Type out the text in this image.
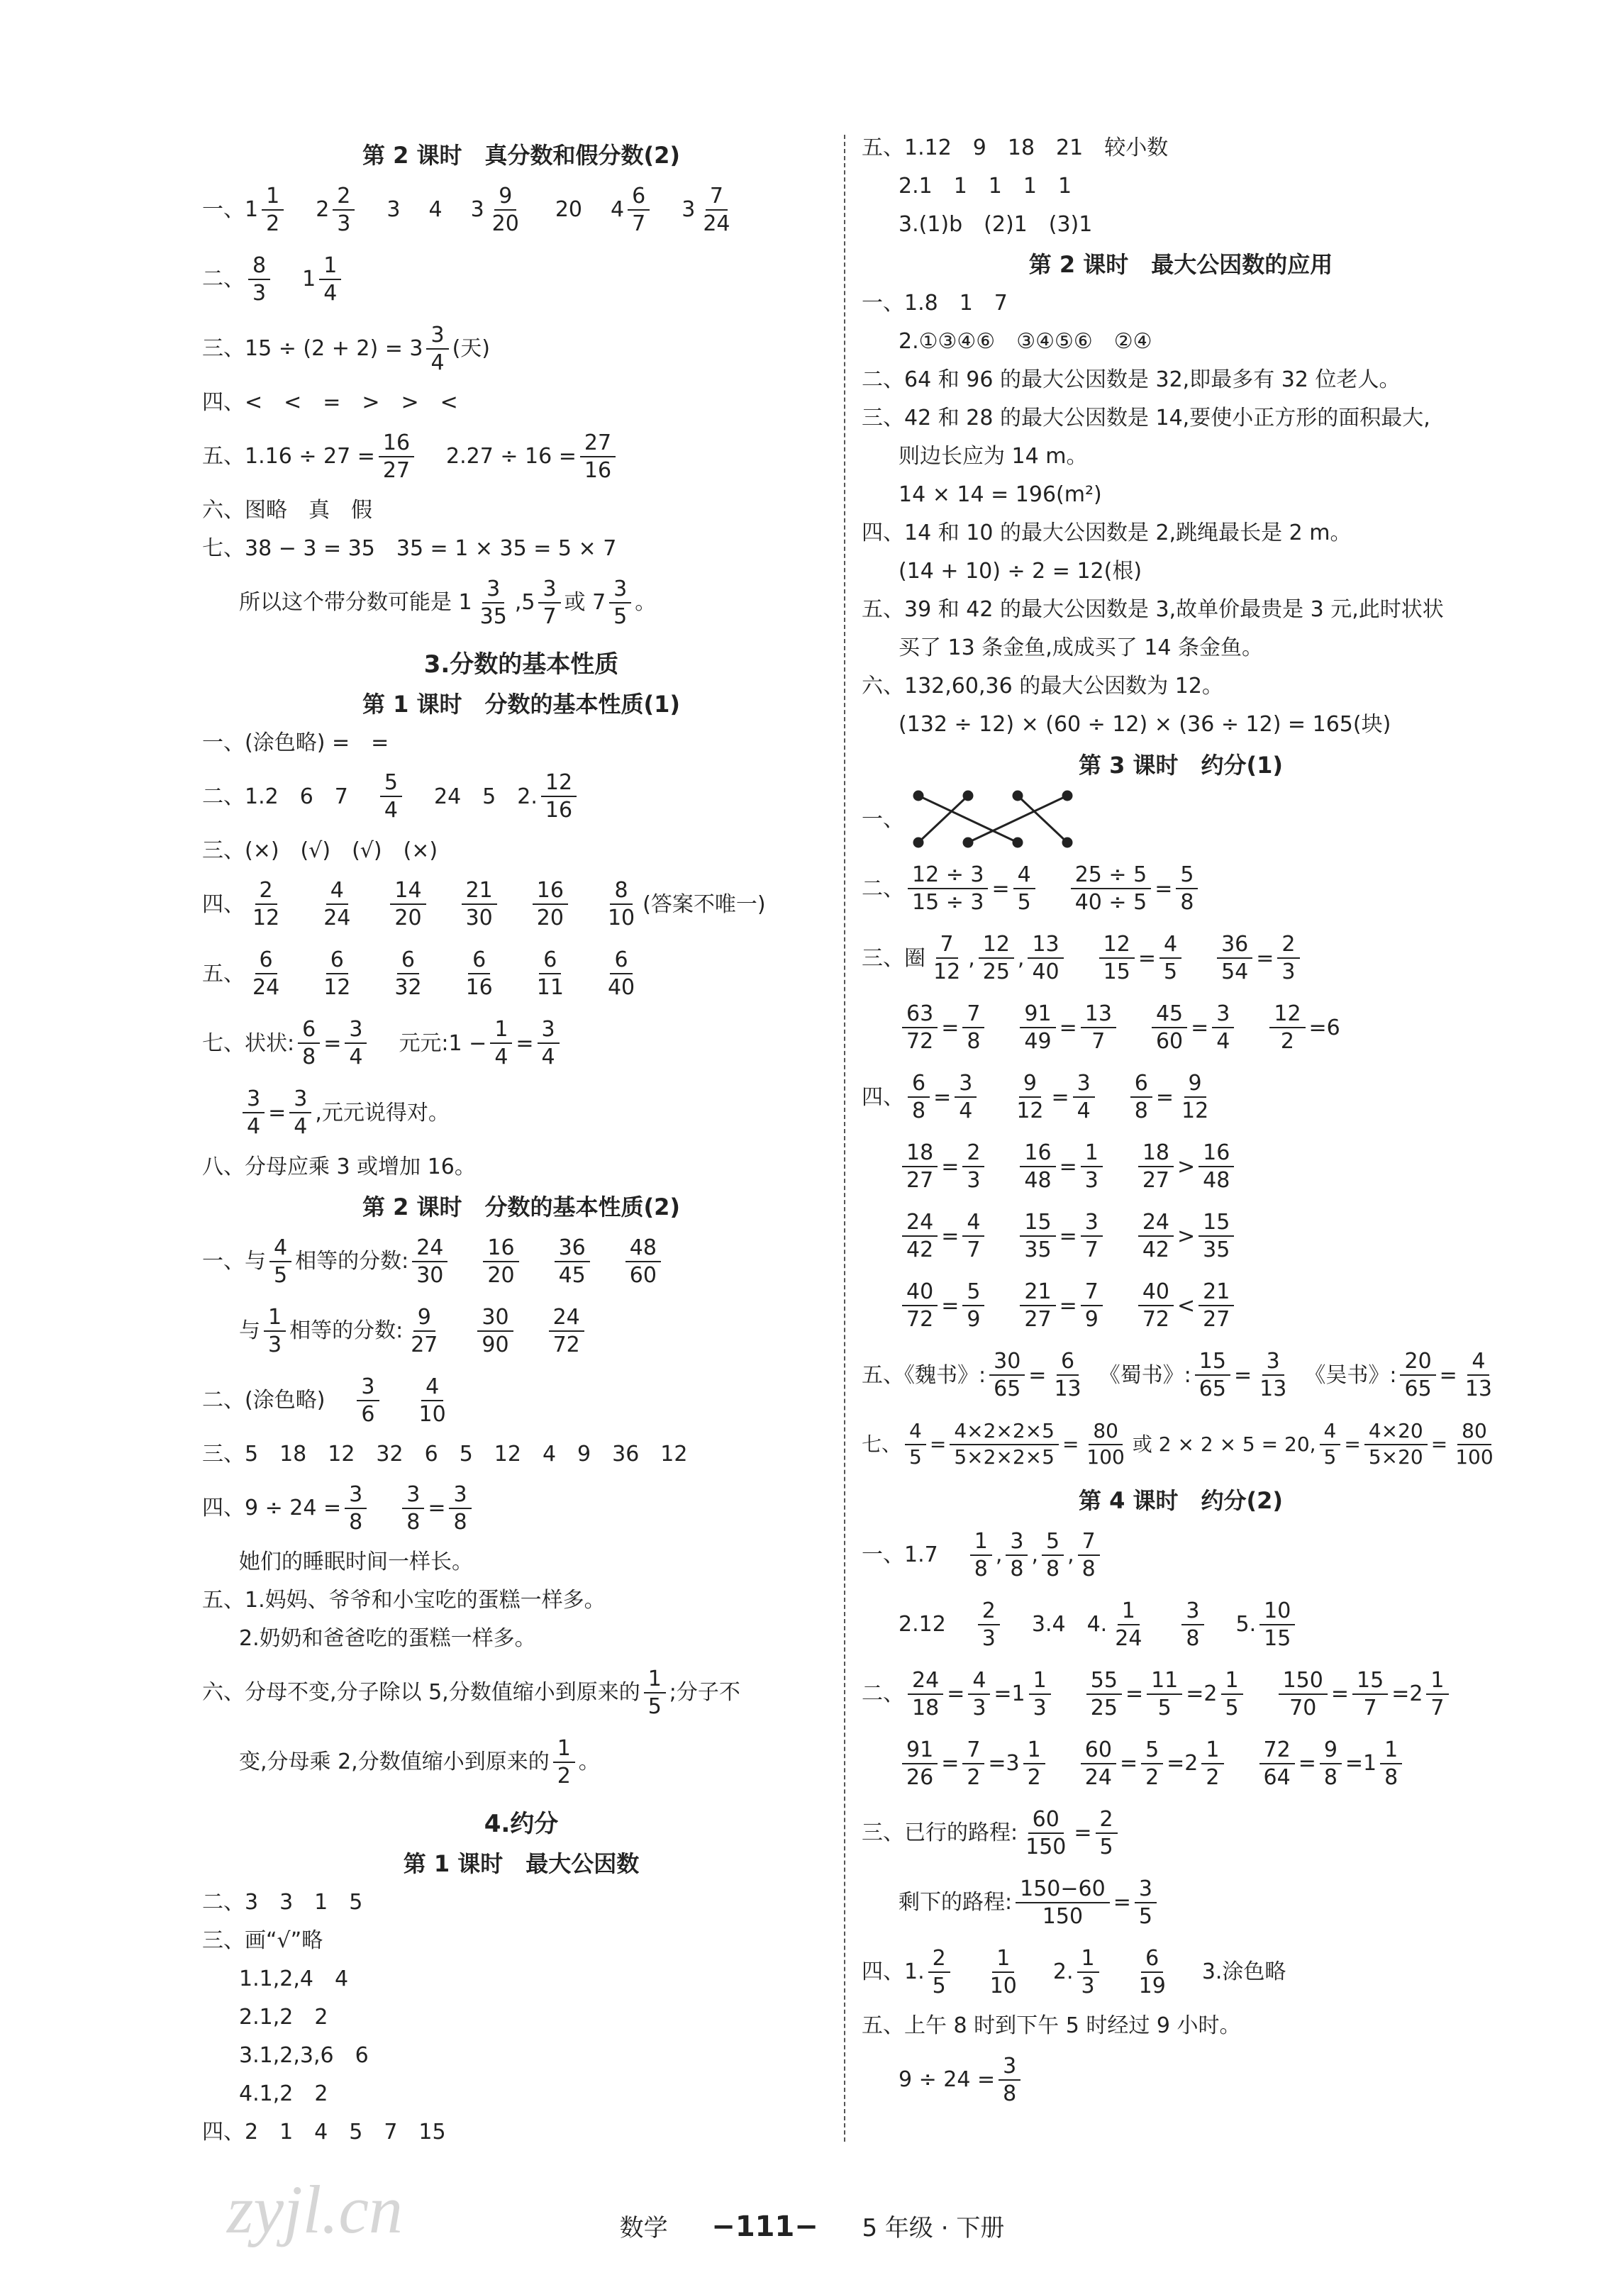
第 2 课时　真分数和假分数(2)
一、 1
1
2
2
2
3
3 4 3
9
20
20 4
6
7
3
7
24
二、
8
3
1
1
4
三、15 ÷ (2 + 2) = 3
3
4
(天)
四、<　<　=　>　>　<
五、$1.16 \div 27 = \frac{16}{27} 2.27 \div 16 = \frac{27}{16}$
六、图略　真　假
七、38 − 3 = 35　35 = 1 × 35 = 5 × 7
所以这个带分数可能是 1
3
35
,5
3
7
或 7
3
5
。
3.分数的基本性质
第 1 课时　分数的基本性质(1)
一、(涂色略) =　=
二、1.2　6　7
5
4
24　5　2.
12
16
三、(×)　(√)　(√)　(×)
四、
2
12
4
24
14
20
21
30
16
20
8
10
(答案不唯一)
五、
6
24
6
12
6
32
6
16
6
11
6
40
七、状状:
6
8
=
3
4
元元:1 − $\frac{1}{4}$ =
3
4
3
4
=
3
4
,元元说得对。
八、分母应乘 3 或增加 16。
第 2 课时　分数的基本性质(2)
一、与
4
5
相等的分数:
24
30
16
20
36
45
48
60
与
1
3
相等的分数:
9
27
30
90
24
72
二、(涂色略)
3
6
4
10
三、5　18　12　32　6　5　12　4　9　36　12
四、$9 \div 24 = \frac{3}{8} 3$
8
=
3
8
她们的睡眠时间一样长。
五、1.妈妈、爷爷和小宝吃的蛋糕一样多。
2.奶奶和爸爸吃的蛋糕一样多。
六、分母不变,分子除以 5,分数值缩小到原来的
1
5
;分子不
变,分母乘 2,分数值缩小到原来的
1
2
。
4.约分
第 1 课时　最大公因数
二、3　3　1　5
三、画“√”略
1.1,2,4　4
2.1,2　2
3.1,2,3,6　6
4.1,2　2
四、2　1　4　5　7　15
五、1.12　9　18　21　较小数
2.1　1　1　1　1
3.(1)b　(2)1　(3)1
第 2 课时　最大公因数的应用
一、1.8　1　7
2.①③④⑥　③④⑤⑥　②④
二、64 和 96 的最大公因数是 32,即最多有 32 位老人。
三、42 和 28 的最大公因数是 14,要使小正方形的面积最大,
则边长应为 14 m。
14 × 14 = 196(m²)
四、14 和 10 的最大公因数是 2,跳绳最长是 2 m。
(14 + 10) ÷ 2 = 12(根)
五、39 和 42 的最大公因数是 3,故单价最贵是 3 元,此时状状
买了 13 条金鱼,成成买了 14 条金鱼。
六、132,60,36 的最大公因数为 12。
(132 ÷ 12) × (60 ÷ 12) × (36 ÷ 12) = 165(块)
第 3 课时　约分(1)
一、
二、
12 ÷ 3
15 ÷ 3
=
4
5
25 ÷ 5
40 ÷ 5
=
5
8
三、圈
7
12
,
12
25
,
13
40
12
15
=
4
5
36
54
=
2
3
63
72
=
7
8
91
49
=
13
7
45
60
=
3
4
12
2
=6
四、
6
8
=
3
4
9
12
=
3
4
6
8
=
9
12
18
27
=
2
3
16
48
=
1
3
18
27
>
16
48
24
42
=
4
7
15
35
=
3
7
24
42
>
15
35
40
72
=
5
9
21
27
=
7
9
40
72
<
21
27
五、《魏书》:
30
65
=
6
13
《蜀书》:
15
65
=
3
13
《吴书》:
20
65
=
4
13
七、
4
5
=
4×2×2×5
5×2×2×5
=
80
100
或 2 × 2 × 5 = 20,
4
5
=
4×20
5×20
=
80
100
第 4 课时　约分(2)
一、1.7
1
8
,
3
8
,
5
8
,
7
8
2.12
2
3
3.4　4.
1
24
3
8
5.
10
15
二、
24
18
=
4
3
=1
1
3
55
25
=
11
5
=2
1
5
150
70
=
15
7
=2
1
7
91
26
=
7
2
=3
1
2
60
24
=
5
2
=2
1
2
72
64
=
9
8
=1
1
8
三、已行的路程:
60
150
=
2
5
剩下的路程:
150−60
150
=
3
5
四、1.
2
5
1
10
2.
1
3
6
19
3.涂色略
五、上午 8 时到下午 5 时经过 9 小时。
$9 \div 24 = \frac{3}{8}$
zyjl.cn	数学 −111− 5 年级 · 下册
